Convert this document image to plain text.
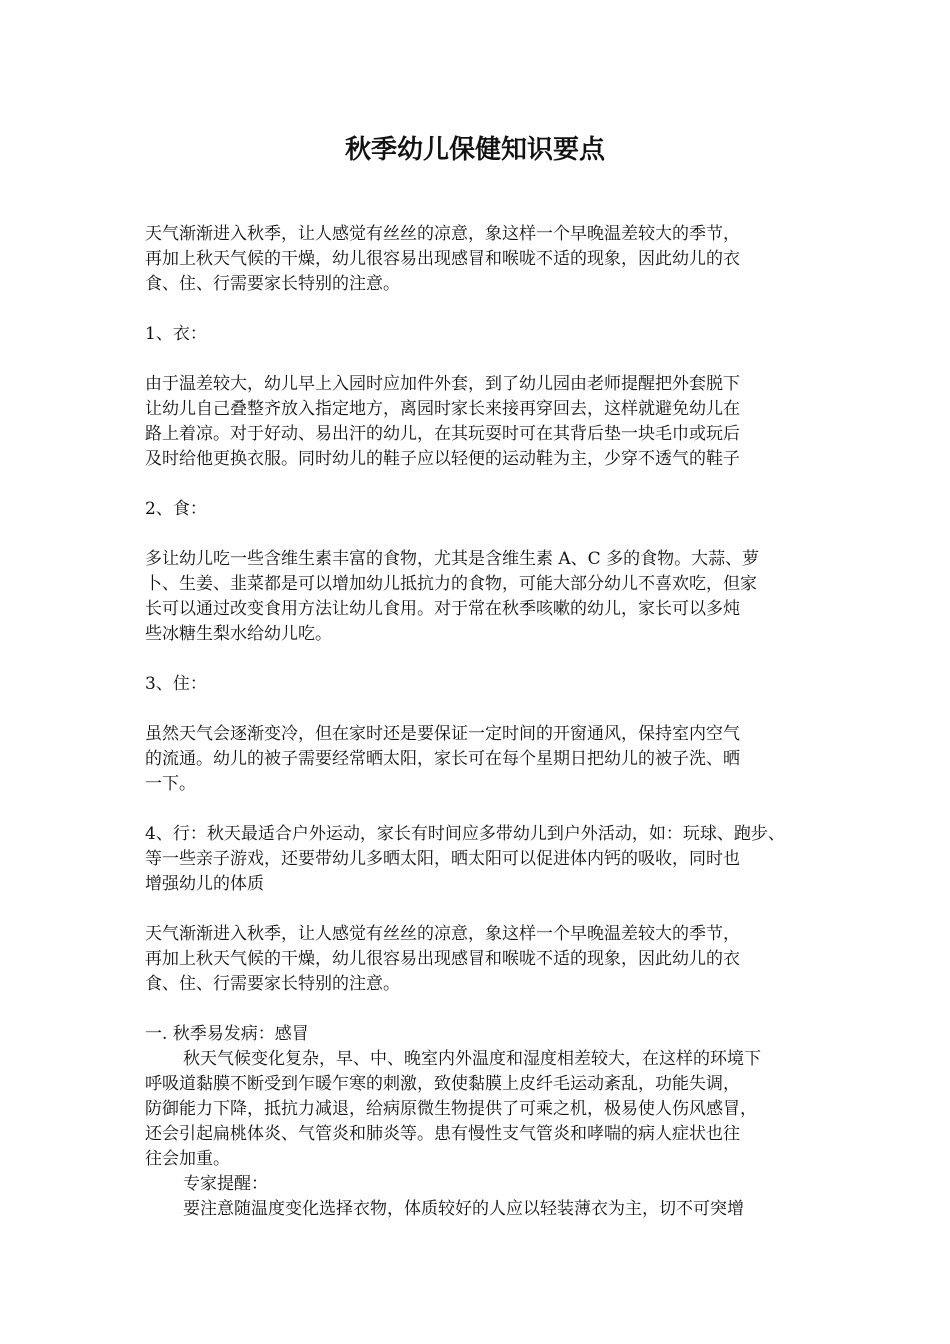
秋季幼儿保健知识要点

天气渐渐进入秋季，让人感觉有丝丝的凉意，象这样一个早晚温差较大的季节，

再加上秋天气候的干燥，幼儿很容易出现感冒和喉咙不适的现象，因此幼儿的衣

食、住、行需要家长特别的注意。

1、衣：

由于温差较大，幼儿早上入园时应加件外套，到了幼儿园由老师提醒把外套脱下

让幼儿自己叠整齐放入指定地方，离园时家长来接再穿回去，这样就避免幼儿在

路上着凉。对于好动、易出汗的幼儿，在其玩耍时可在其背后垫一块毛巾或玩后

及时给他更换衣服。同时幼儿的鞋子应以轻便的运动鞋为主，少穿不透气的鞋子

2、食：

多让幼儿吃一些含维生素丰富的食物，尤其是含维生素 A、C 多的食物。大蒜、萝

卜、生姜、韭菜都是可以增加幼儿抵抗力的食物，可能大部分幼儿不喜欢吃，但家

长可以通过改变食用方法让幼儿食用。对于常在秋季咳嗽的幼儿，家长可以多炖

些冰糖生梨水给幼儿吃。

3、住：

虽然天气会逐渐变冷，但在家时还是要保证一定时间的开窗通风，保持室内空气

的流通。幼儿的被子需要经常晒太阳，家长可在每个星期日把幼儿的被子洗、晒

一下。

4、行：秋天最适合户外运动，家长有时间应多带幼儿到户外活动，如：玩球、跑步、

等一些亲子游戏，还要带幼儿多晒太阳，晒太阳可以促进体内钙的吸收，同时也

增强幼儿的体质

天气渐渐进入秋季，让人感觉有丝丝的凉意，象这样一个早晚温差较大的季节，

再加上秋天气候的干燥，幼儿很容易出现感冒和喉咙不适的现象，因此幼儿的衣

食、住、行需要家长特别的注意。

一. 秋季易发病：感冒

秋天气候变化复杂，早、中、晚室内外温度和湿度相差较大，在这样的环境下

呼吸道黏膜不断受到乍暖乍寒的刺激，致使黏膜上皮纤毛运动紊乱，功能失调，

防御能力下降，抵抗力减退，给病原微生物提供了可乘之机，极易使人伤风感冒，

还会引起扁桃体炎、气管炎和肺炎等。患有慢性支气管炎和哮喘的病人症状也往

往会加重。

专家提醒：

要注意随温度变化选择衣物，体质较好的人应以轻装薄衣为主，切不可突增
